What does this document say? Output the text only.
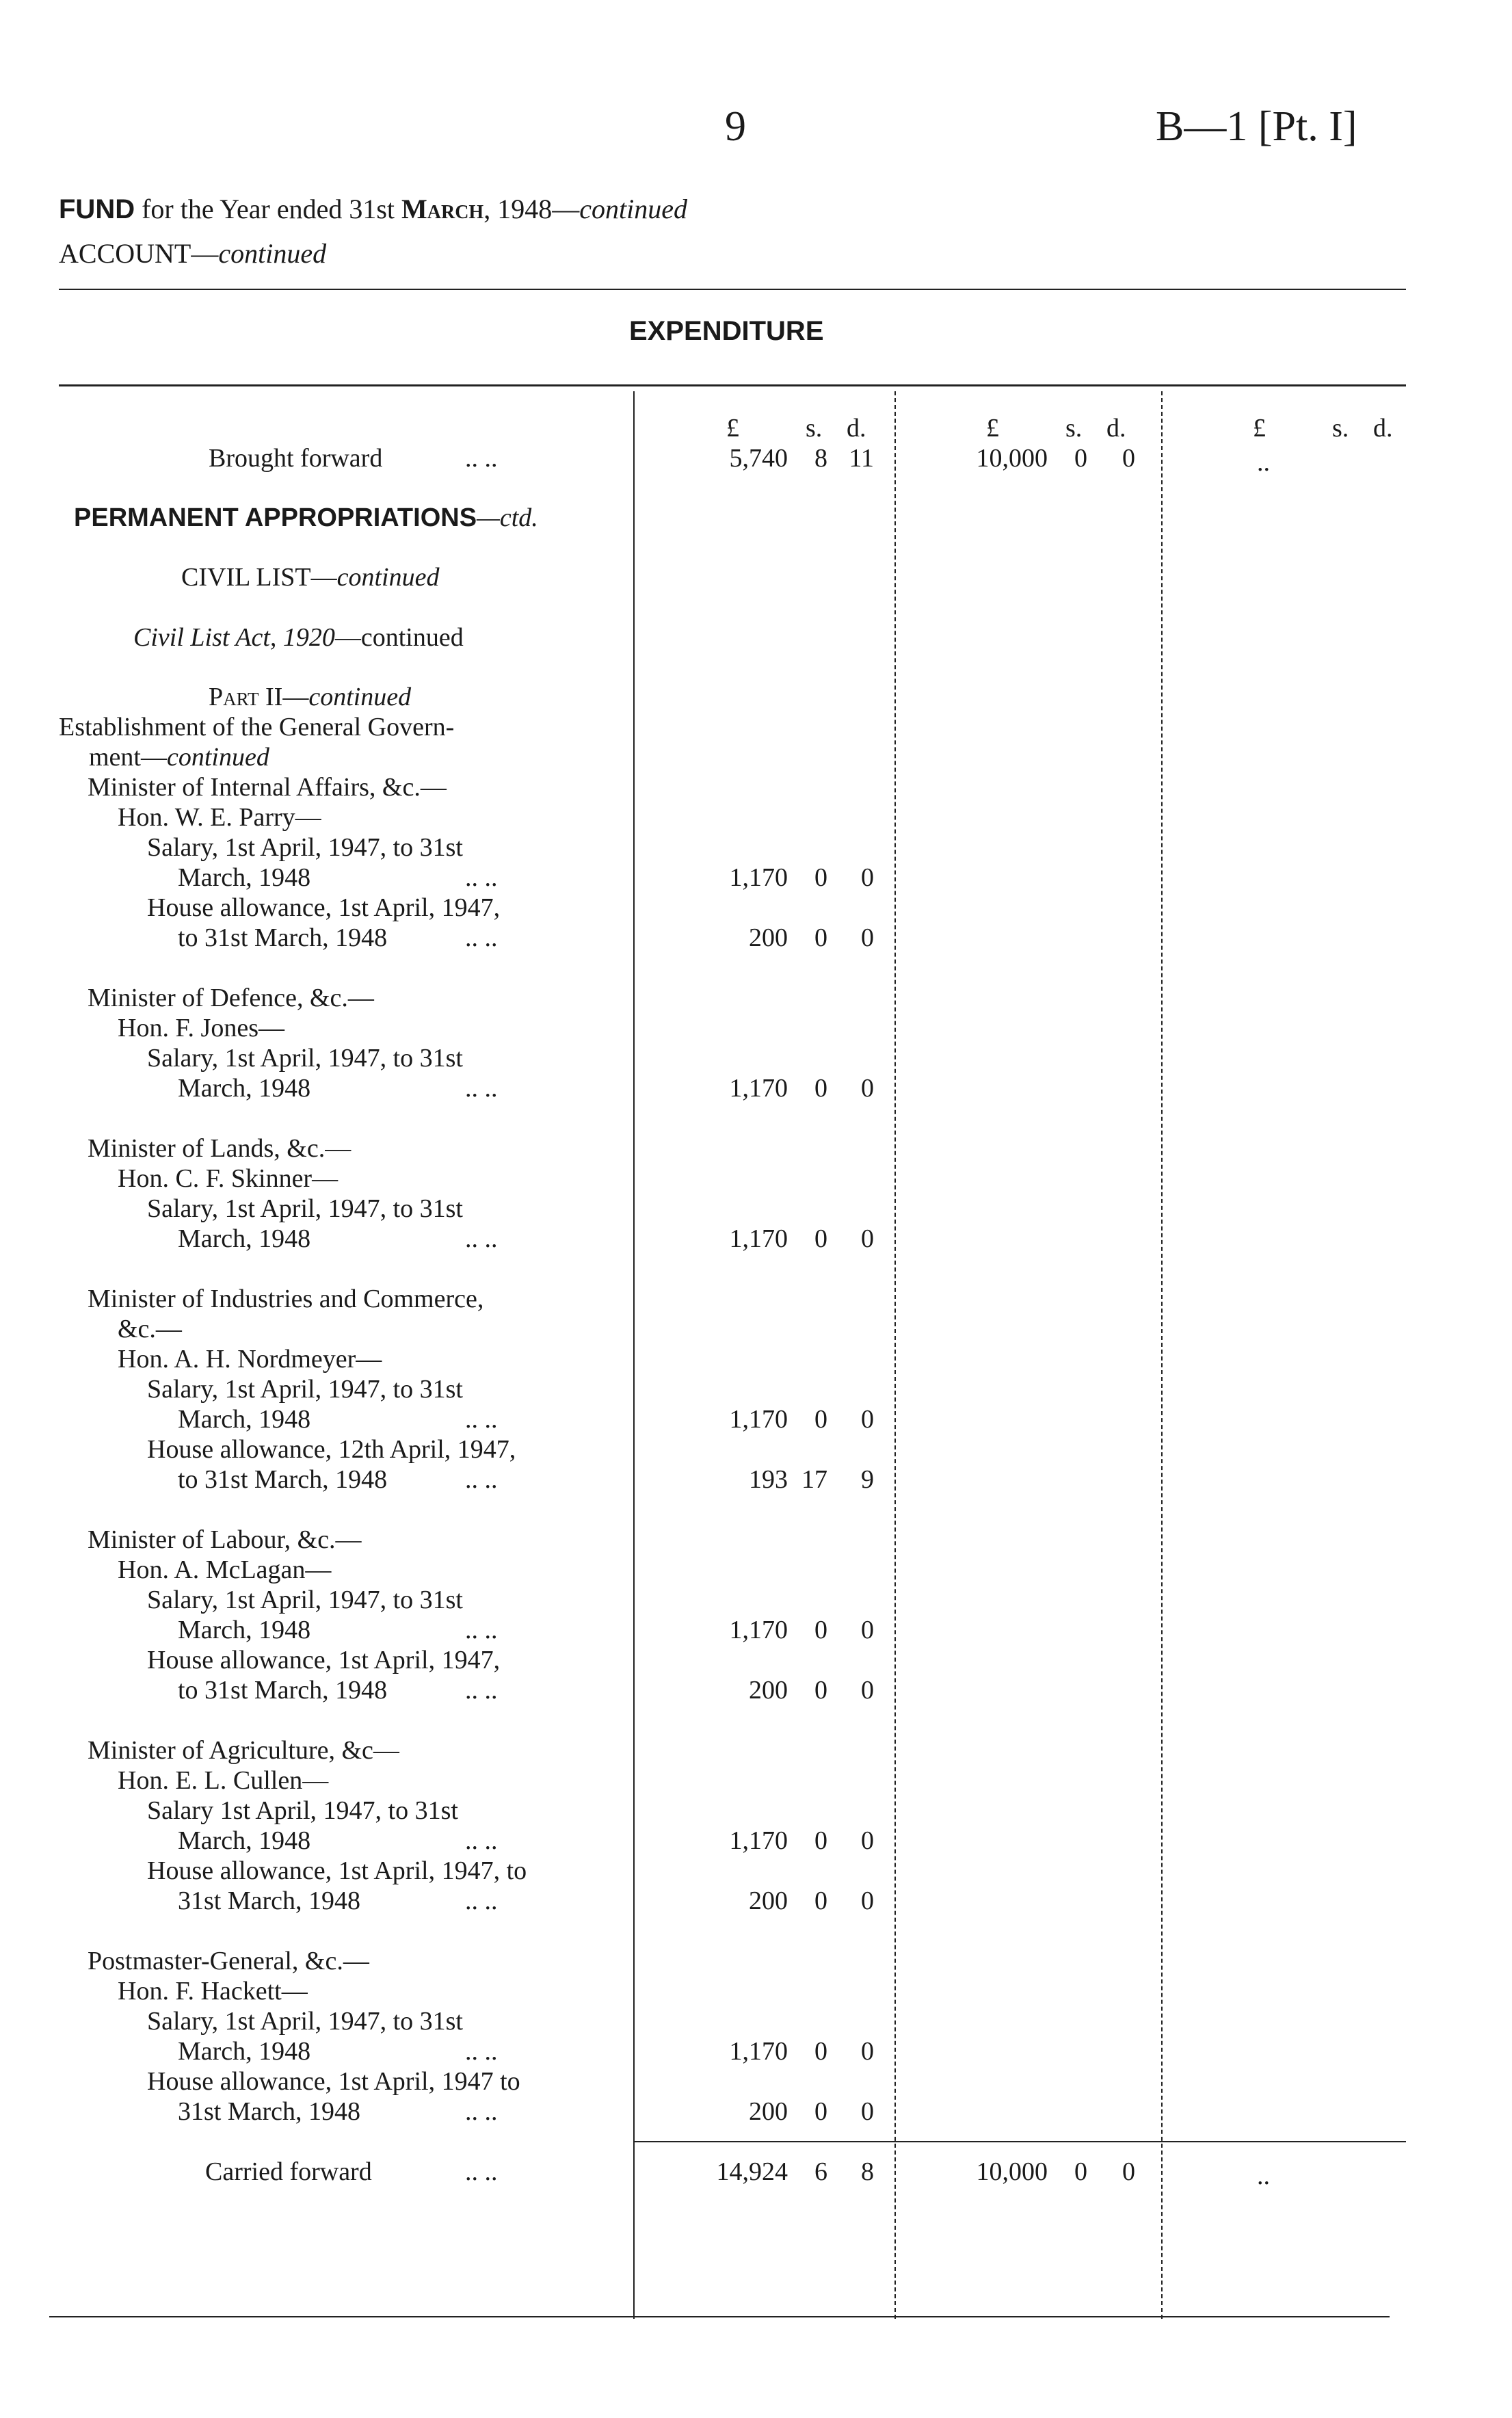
9	B—1 [Pt. I]
FUND for the Year ended 31st March, 1948—continued
ACCOUNT—continued
EXPENDITURE
£	s. d.	£	s. d.	£	s. d.
Brought forward	.. ..	5,740	8 11	10,000	0	0	..
PERMANENT APPROPRIATIONS—ctd.
CIVIL LIST—continued
Civil List Act, 1920—continued
Part II—continued
Establishment of the General Govern-
ment—continued
Minister of Internal Affairs, &c.—
Hon. W. E. Parry—
Salary, 1st April, 1947, to 31st
March, 1948	.. ..	1,170	0	0
House allowance, 1st April, 1947,
to 31st March, 1948	.. ..	200	0	0
Minister of Defence, &c.—
Hon. F. Jones—
Salary, 1st April, 1947, to 31st
March, 1948	.. ..	1,170	0	0
Minister of Lands, &c.—
Hon. C. F. Skinner—
Salary, 1st April, 1947, to 31st
March, 1948	.. ..	1,170	0	0
Minister of Industries and Commerce,
&c.—
Hon. A. H. Nordmeyer—
Salary, 1st April, 1947, to 31st
March, 1948	.. ..	1,170	0	0
House allowance, 12th April, 1947,
to 31st March, 1948	.. ..	193 17	9
Minister of Labour, &c.—
Hon. A. McLagan—
Salary, 1st April, 1947, to 31st
March, 1948	.. ..	1,170	0	0
House allowance, 1st April, 1947,
to 31st March, 1948	.. ..	200	0	0
Minister of Agriculture, &c—
Hon. E. L. Cullen—
Salary 1st April, 1947, to 31st
March, 1948	.. ..	1,170	0	0
House allowance, 1st April, 1947, to
31st March, 1948	.. ..	200	0	0
Postmaster-General, &c.—
Hon. F. Hackett—
Salary, 1st April, 1947, to 31st
March, 1948	.. ..	1,170	0	0
House allowance, 1st April, 1947 to
31st March, 1948	.. ..	200	0	0
Carried forward	.. ..	14,924	6	8	10,000	0	0	..
